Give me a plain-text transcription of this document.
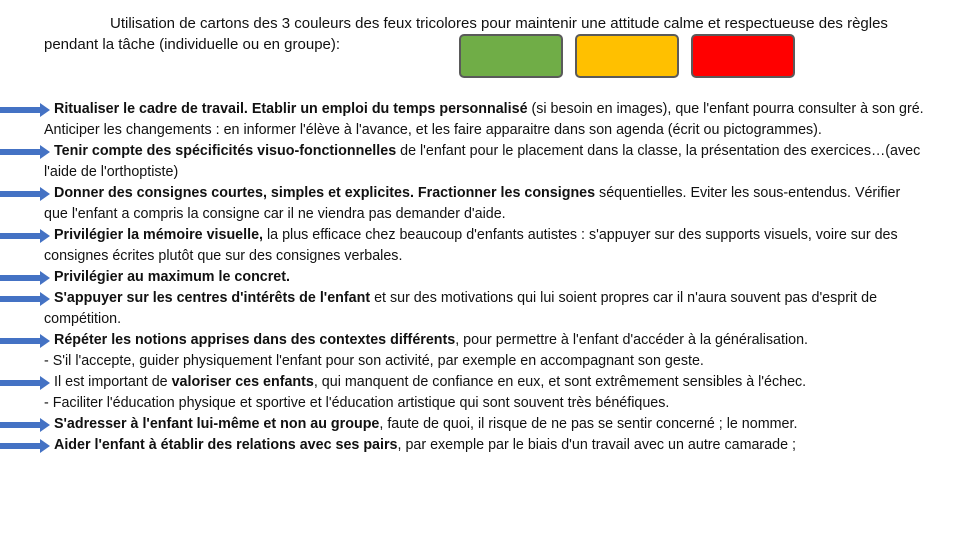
Utilisation de cartons des 3 couleurs des feux tricolores pour maintenir une attitude calme et respectueuse des règles pendant la tâche (individuelle ou en groupe):
Ritualiser le cadre de travail. Etablir un emploi du temps personnalisé (si besoin en images), que l'enfant pourra consulter à son gré. Anticiper les changements : en informer l'élève à l'avance, et les faire apparaitre dans son agenda (écrit ou pictogrammes).
Tenir compte des spécificités visuo-fonctionnelles de l'enfant pour le placement dans la classe, la présentation des exercices…(avec l'aide de l'orthoptiste)
Donner des consignes courtes, simples et explicites. Fractionner les consignes séquentielles. Eviter les sous-entendus. Vérifier que l'enfant a compris la consigne car il ne viendra pas demander d'aide.
Privilégier la mémoire visuelle, la plus efficace chez beaucoup d'enfants autistes : s'appuyer sur des supports visuels, voire sur des consignes écrites plutôt que sur des consignes verbales.
Privilégier au maximum le concret.
S'appuyer sur les centres d'intérêts de l'enfant et sur des motivations qui lui soient propres car il n'aura souvent pas d'esprit de compétition.
Répéter les notions apprises dans des contextes différents, pour permettre à l'enfant d'accéder à la généralisation.
- S'il l'accepte, guider physiquement l'enfant pour son activité, par exemple en accompagnant son geste.
Il est important de valoriser ces enfants, qui manquent de confiance en eux, et sont extrêmement sensibles à l'échec.
- Faciliter l'éducation physique et sportive et l'éducation artistique qui sont souvent très bénéfiques.
S'adresser à l'enfant lui-même et non au groupe, faute de quoi, il risque de ne pas se sentir concerné ; le nommer.
Aider l'enfant à établir des relations avec ses pairs, par exemple par le biais d'un travail avec un autre camarade ;
